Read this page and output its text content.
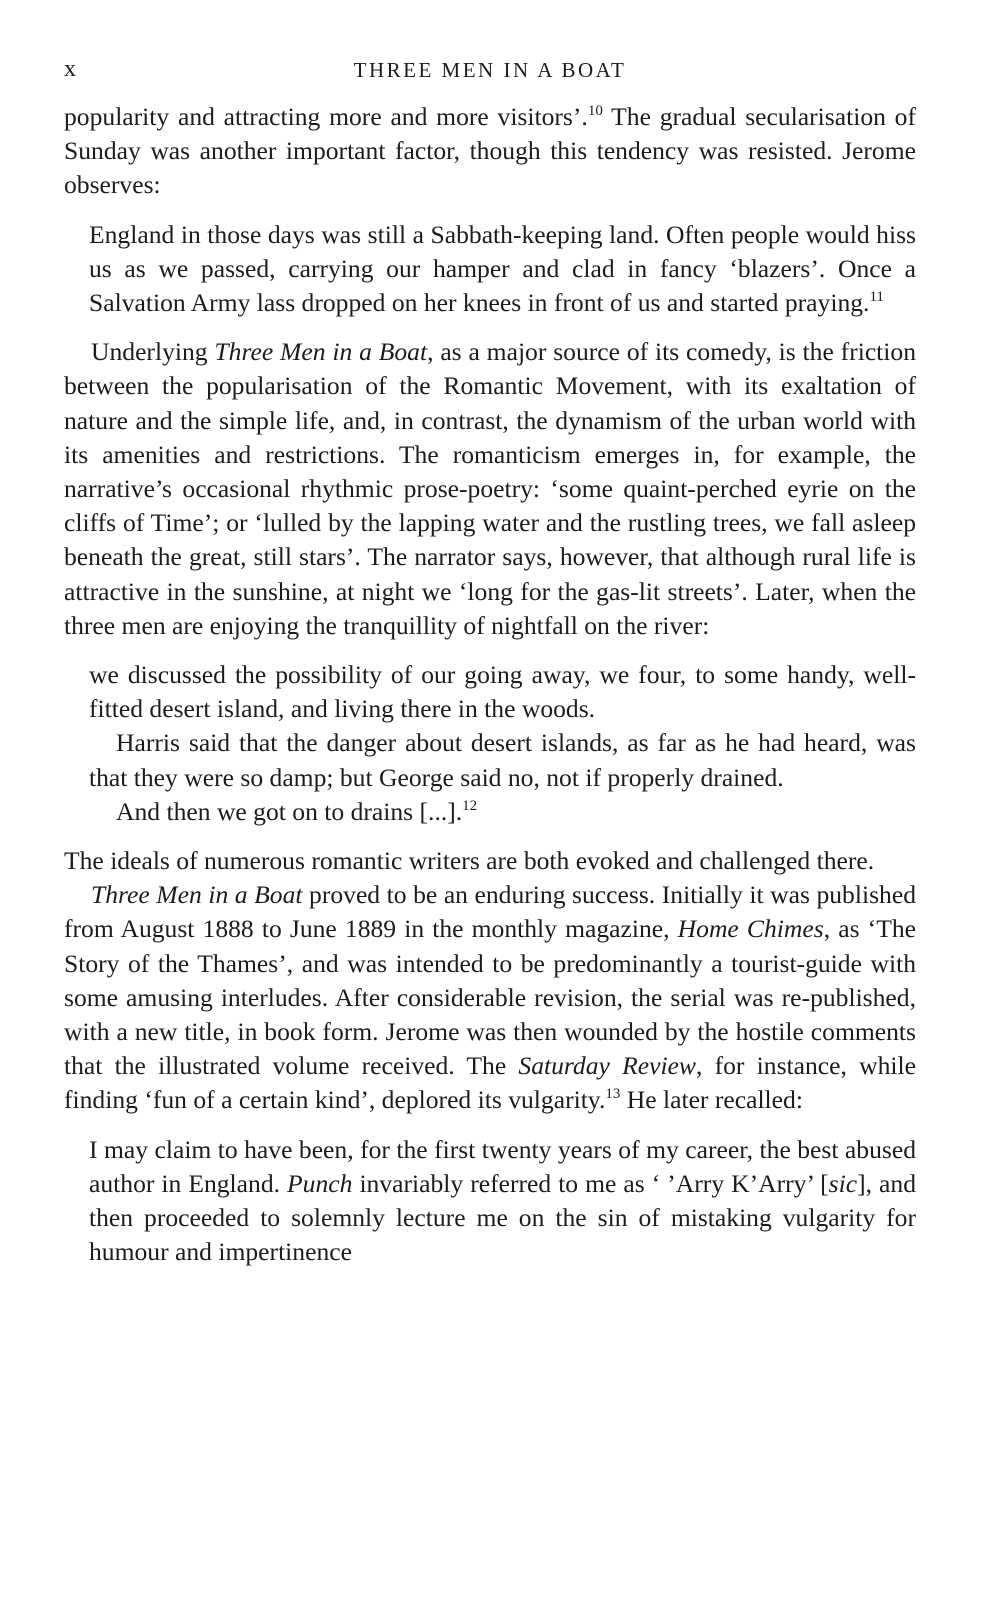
x	THREE MEN IN A BOAT

popularity and attracting more and more visitors’.$^{10}$ The gradual secularisation of Sunday was another important factor, though this tendency was resisted. Jerome observes:

England in those days was still a Sabbath-keeping land. Often people would hiss us as we passed, carrying our hamper and clad in fancy ‘blazers’. Once a Salvation Army lass dropped on her knees in front of us and started praying.$^{11}$

Underlying Three Men in a Boat, as a major source of its comedy, is the friction between the popularisation of the Romantic Movement, with its exaltation of nature and the simple life, and, in contrast, the dynamism of the urban world with its amenities and restrictions. The romanticism emerges in, for example, the narrative’s occasional rhythmic prose-poetry: ‘some quaint-perched eyrie on the cliffs of Time’; or ‘lulled by the lapping water and the rustling trees, we fall asleep beneath the great, still stars’. The narrator says, however, that although rural life is attractive in the sunshine, at night we ‘long for the gas-lit streets’. Later, when the three men are enjoying the tranquillity of nightfall on the river:

we discussed the possibility of our going away, we four, to some handy, well-fitted desert island, and living there in the woods.

Harris said that the danger about desert islands, as far as he had heard, was that they were so damp; but George said no, not if properly drained.

And then we got on to drains [...].$^{12}$

The ideals of numerous romantic writers are both evoked and challenged there.

Three Men in a Boat proved to be an enduring success. Initially it was published from August 1888 to June 1889 in the monthly magazine, Home Chimes, as ‘The Story of the Thames’, and was intended to be predominantly a tourist-guide with some amusing interludes. After considerable revision, the serial was re-published, with a new title, in book form. Jerome was then wounded by the hostile comments that the illustrated volume received. The Saturday Review, for instance, while finding ‘fun of a certain kind’, deplored its vulgarity.$^{13}$ He later recalled:

I may claim to have been, for the first twenty years of my career, the best abused author in England. Punch invariably referred to me as ‘ ’Arry K’Arry’ [sic], and then proceeded to solemnly lecture me on the sin of mistaking vulgarity for humour and impertinence
